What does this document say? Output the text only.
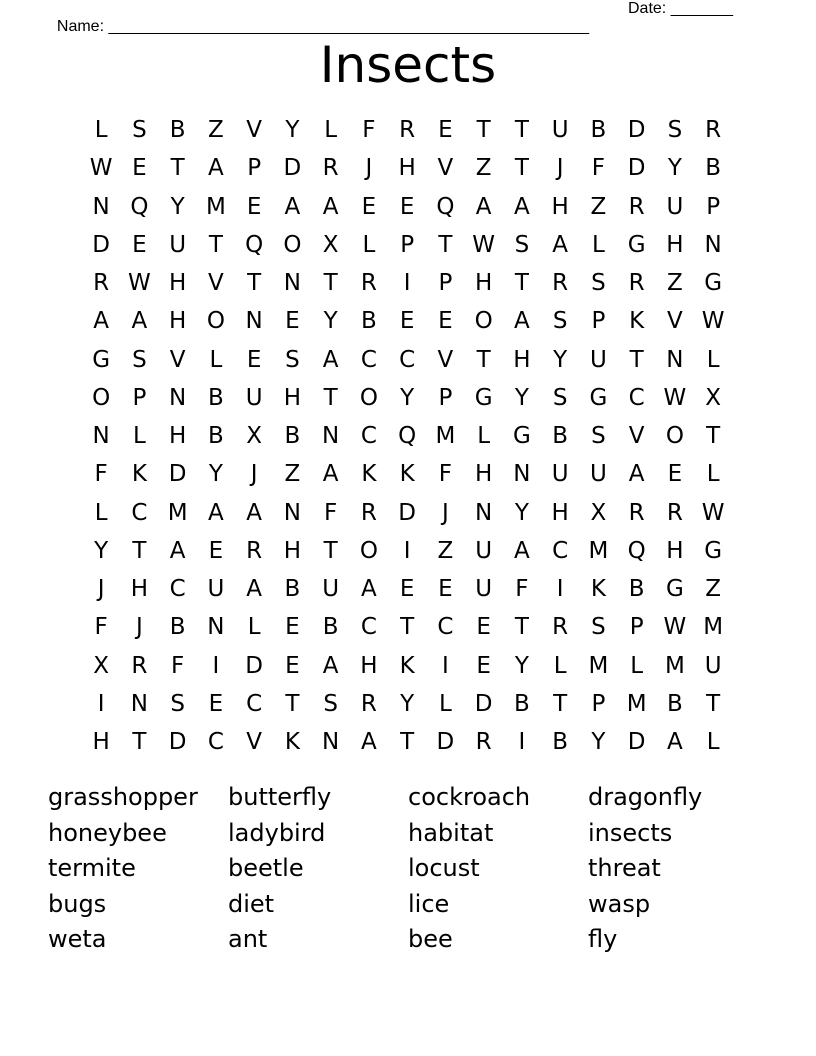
Name: ______________________________________________________

Date: _______

Insects
L	S	B Z V	Y	L	F	R E	T	T U B D S R
W E	T	A	P D R	J	H V Z	T	J	F D Y	B
N Q Y M E	A A	E	E Q A A H Z R U P
D E U T Q O X	L	P	T W S	A	L G H N
R W H V	T N T	R	I	P H T	R S R Z G
A A H O N E	Y	B	E	E O A	S	P	K V W
G S	V	L	E	S	A C C V	T H Y U T N	L
O P N B U H T O Y	P G Y	S G C W X
N	L	H B X B N C Q M L G B	S	V O T
F	K D Y	J	Z A K	K	F H N U U A	E	L
L	C M A A N	F	R D	J	N Y H X R R W
Y	T	A	E R H T O	I	Z U A C M Q H G
J	H C U A B U A	E	E U	F	I	K B G Z
F	J	B N	L	E	B C	T	C E	T	R S	P W M
X R	F	I	D E	A H K	I	E	Y	L M L M U
I	N S	E C	T	S R	Y	L D B	T	P M B	T
H T D C V K N A	T D R	I	B	Y D A	L
grasshopper	butterfly	cockroach	dragonfly
honeybee	ladybird	habitat	insects
termite	beetle	locust	threat
bugs	diet	lice	wasp
weta	ant	bee	fly
